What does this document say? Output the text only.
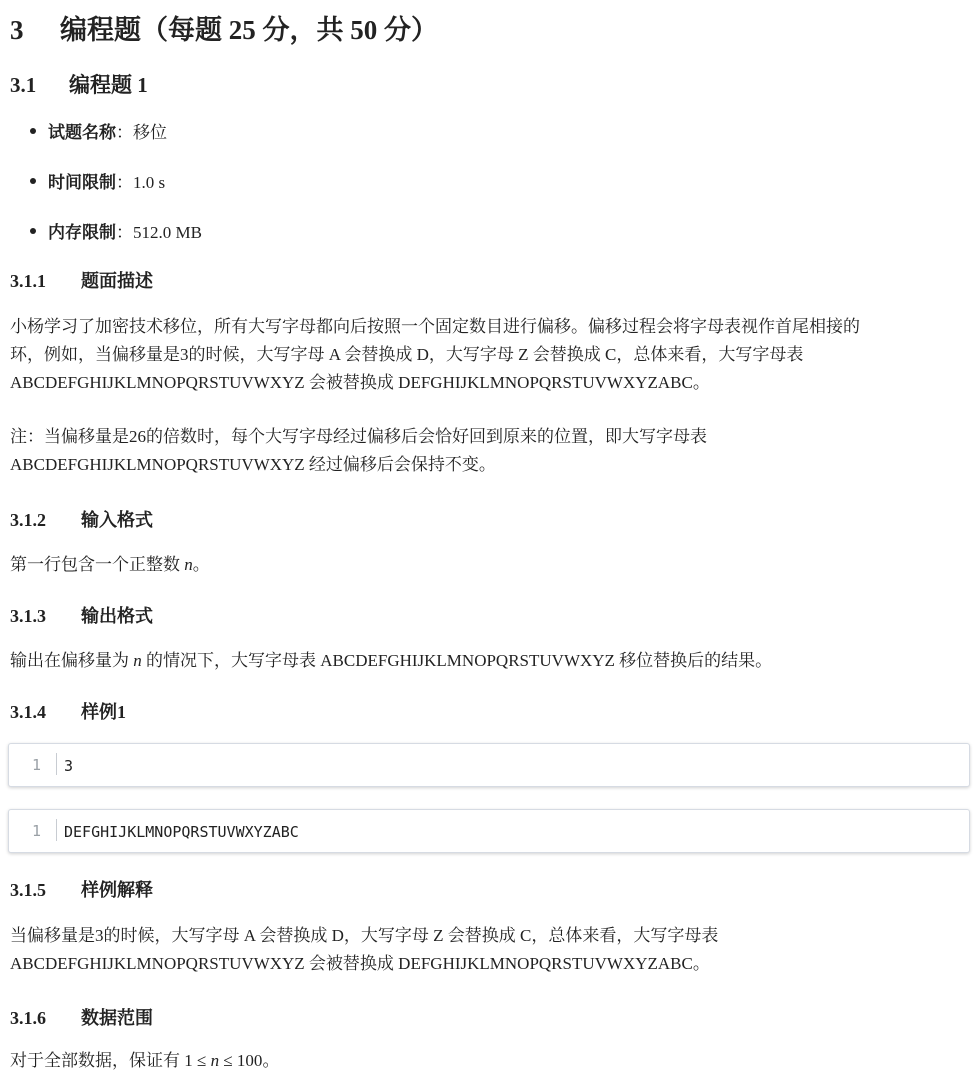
3 编程题（每题 25 分，共 50 分）
3.1 编程题 1
试题名称：移位
时间限制：1.0 s
内存限制：512.0 MB
3.1.1 题面描述
小杨学习了加密技术移位，所有大写字母都向后按照一个固定数目进行偏移。偏移过程会将字母表视作首尾相接的
环，例如，当偏移量是3的时候，大写字母 A 会替换成 D，大写字母 Z 会替换成 C，总体来看，大写字母表
ABCDEFGHIJKLMNOPQRSTUVWXYZ 会被替换成 DEFGHIJKLMNOPQRSTUVWXYZABC。
注：当偏移量是26的倍数时，每个大写字母经过偏移后会恰好回到原来的位置，即大写字母表
ABCDEFGHIJKLMNOPQRSTUVWXYZ 经过偏移后会保持不变。
3.1.2 输入格式
第一行包含一个正整数 n。
3.1.3 输出格式
输出在偏移量为 n 的情况下，大写字母表 ABCDEFGHIJKLMNOPQRSTUVWXYZ 移位替换后的结果。
3.1.4 样例1
1	3
1	DEFGHIJKLMNOPQRSTUVWXYZABC
3.1.5 样例解释
当偏移量是3的时候，大写字母 A 会替换成 D，大写字母 Z 会替换成 C，总体来看，大写字母表
ABCDEFGHIJKLMNOPQRSTUVWXYZ 会被替换成 DEFGHIJKLMNOPQRSTUVWXYZABC。
3.1.6 数据范围
对于全部数据，保证有 1 ≤ n ≤ 100。
